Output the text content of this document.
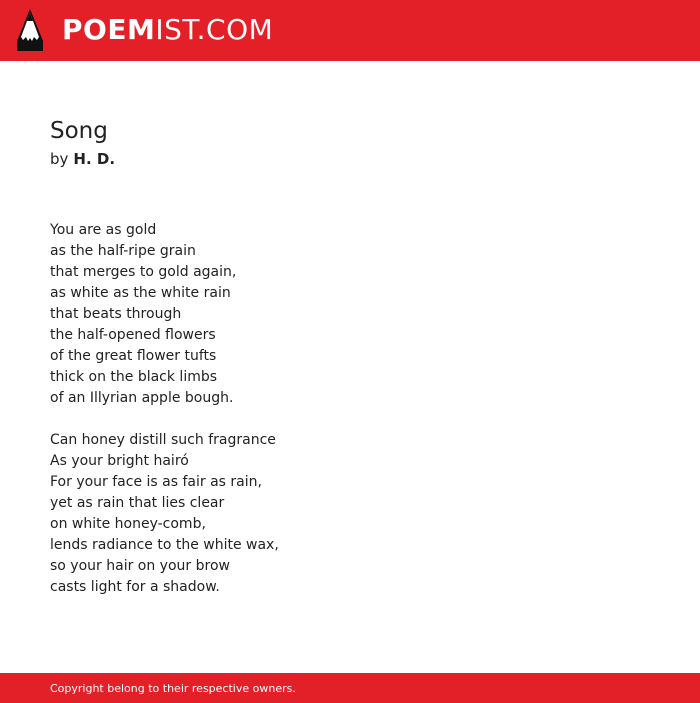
POEMIST.COM
Song
by H. D.
You are as gold
as the half-ripe grain
that merges to gold again,
as white as the white rain
that beats through
the half-opened flowers
of the great flower tufts
thick on the black limbs
of an Illyrian apple bough.
Can honey distill such fragrance
As your bright hairó
For your face is as fair as rain,
yet as rain that lies clear
on white honey-comb,
lends radiance to the white wax,
so your hair on your brow
casts light for a shadow.
Copyright belong to their respective owners.
